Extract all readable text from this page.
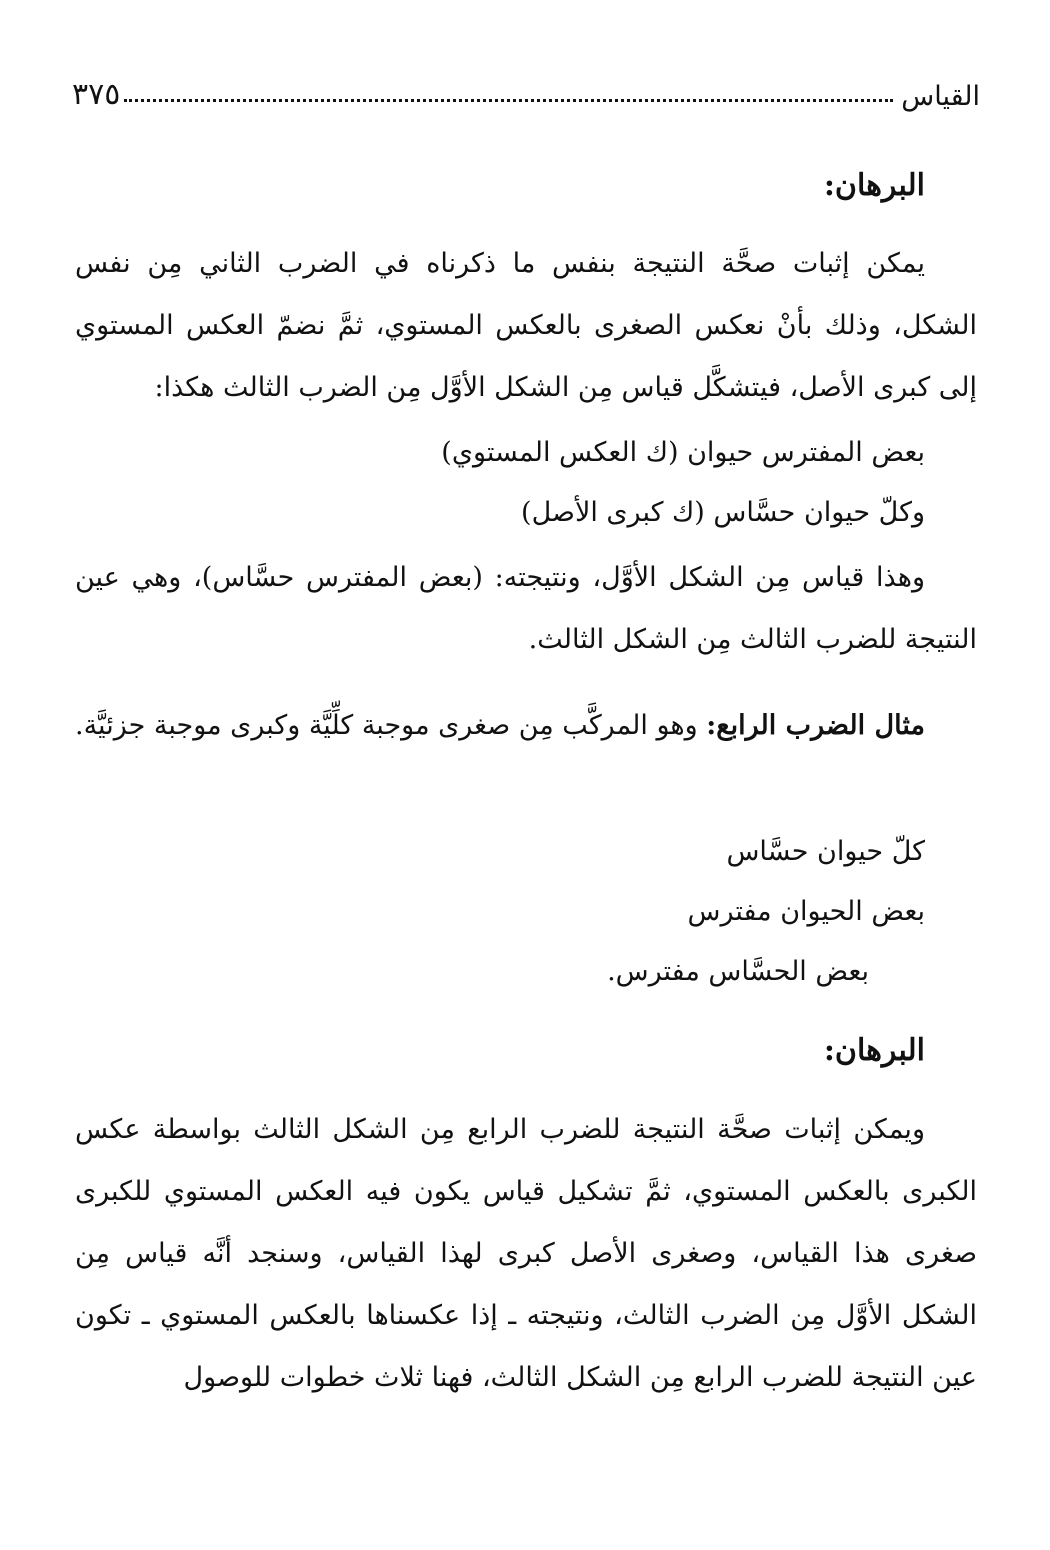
القياس
٣٧٥
البرهان:

يمكن إثبات صحَّة النتيجة بنفس ما ذكرناه في الضرب الثاني مِن نفس الشكل، وذلك بأنْ نعكس الصغرى بالعكس المستوي، ثمَّ نضمّ العكس المستوي إلى كبرى الأصل، فيتشكَّل قياس مِن الشكل الأوَّل مِن الضرب الثالث هكذا:

بعض المفترس حيوان (ك العكس المستوي)

وكلّ حيوان حسَّاس (ك كبرى الأصل)

وهذا قياس مِن الشكل الأوَّل، ونتيجته: (بعض المفترس حسَّاس)، وهي عين النتيجة للضرب الثالث مِن الشكل الثالث.

مثال الضرب الرابع: وهو المركَّب مِن صغرى موجبة كلِّيَّة وكبرى موجبة جزئيَّة.

كلّ حيوان حسَّاس

بعض الحيوان مفترس

بعض الحسَّاس مفترس.

البرهان:

ويمكن إثبات صحَّة النتيجة للضرب الرابع مِن الشكل الثالث بواسطة عكس الكبرى بالعكس المستوي، ثمَّ تشكيل قياس يكون فيه العكس المستوي للكبرى صغرى هذا القياس، وصغرى الأصل كبرى لهذا القياس، وسنجد أنَّه قياس مِن الشكل الأوَّل مِن الضرب الثالث، ونتيجته ـ إذا عكسناها بالعكس المستوي ـ تكون عين النتيجة للضرب الرابع مِن الشكل الثالث، فهنا ثلاث خطوات للوصول
